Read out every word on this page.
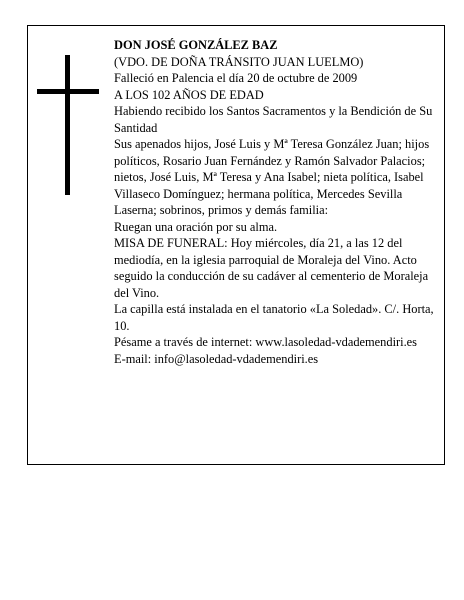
DON JOSÉ GONZÁLEZ BAZ

(VDO. DE DOÑA TRÁNSITO JUAN LUELMO)

Falleció en Palencia el día 20 de octubre de 2009

A LOS 102 AÑOS DE EDAD

Habiendo recibido los Santos Sacramentos y la Bendición de Su Santidad

Sus apenados hijos, José Luis y Mª Teresa González Juan; hijos políticos, Rosario Juan Fernández y Ramón Salvador Palacios; nietos, José Luis, Mª Teresa y Ana Isabel; nieta política, Isabel Villaseco Domínguez; hermana política, Mercedes Sevilla Laserna; sobrinos, primos y demás familia:

Ruegan una oración por su alma.

MISA DE FUNERAL: Hoy miércoles, día 21, a las 12 del mediodía, en la iglesia parroquial de Moraleja del Vino. Acto seguido la conducción de su cadáver al cementerio de Moraleja del Vino.

La capilla está instalada en el tanatorio «La Soledad». C/. Horta, 10.

Pésame a través de internet: www.lasoledad-vdademendiri.es

E-mail: info@lasoledad-vdademendiri.es
